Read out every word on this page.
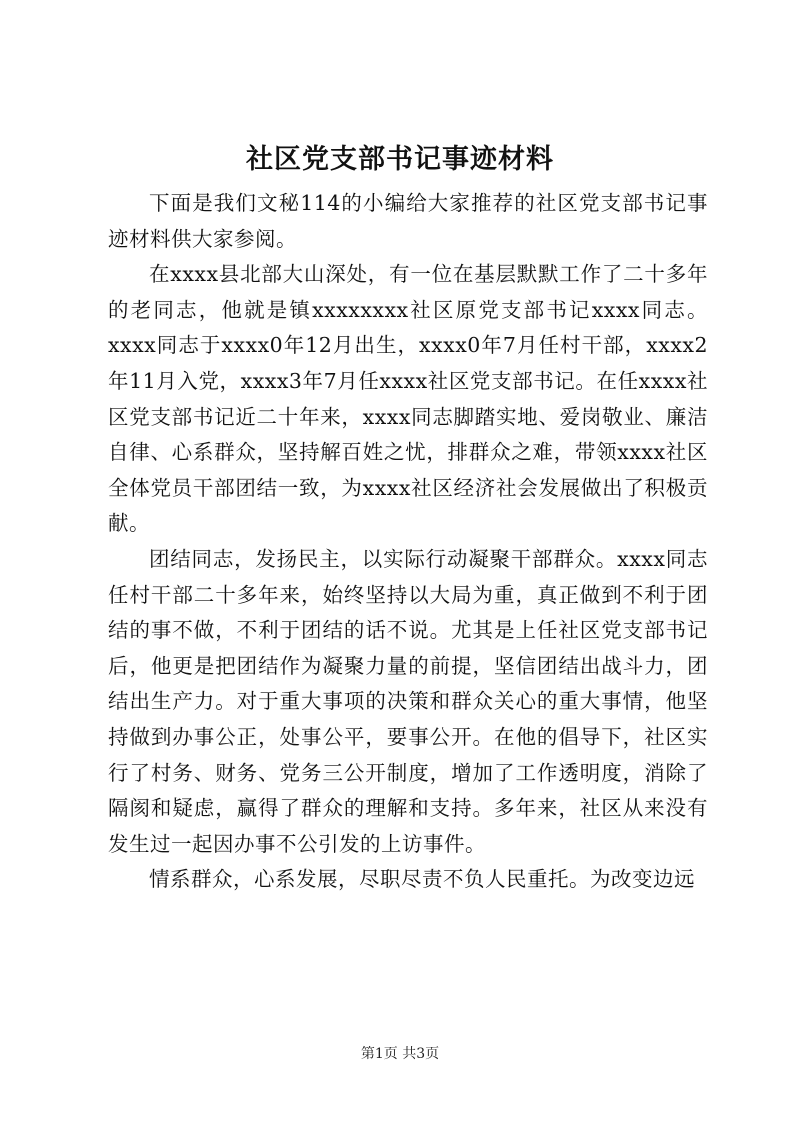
社区党支部书记事迹材料

下面是我们文秘114的小编给大家推荐的社区党支部书记事迹材料供大家参阅。

在xxxx县北部大山深处，有一位在基层默默工作了二十多年的老同志，他就是镇xxxxxxxx社区原党支部书记xxxx同志。xxxx同志于xxxx0年12月出生，xxxx0年7月任村干部，xxxx2年11月入党，xxxx3年7月任xxxx社区党支部书记。在任xxxx社区党支部书记近二十年来，xxxx同志脚踏实地、爱岗敬业、廉洁自律、心系群众，坚持解百姓之忧，排群众之难，带领xxxx社区全体党员干部团结一致，为xxxx社区经济社会发展做出了积极贡献。

团结同志，发扬民主，以实际行动凝聚干部群众。xxxx同志任村干部二十多年来，始终坚持以大局为重，真正做到不利于团结的事不做，不利于团结的话不说。尤其是上任社区党支部书记后，他更是把团结作为凝聚力量的前提，坚信团结出战斗力，团结出生产力。对于重大事项的决策和群众关心的重大事情，他坚持做到办事公正，处事公平，要事公开。在他的倡导下，社区实行了村务、财务、党务三公开制度，增加了工作透明度，消除了隔阂和疑虑，赢得了群众的理解和支持。多年来，社区从来没有发生过一起因办事不公引发的上访事件。

情系群众，心系发展，尽职尽责不负人民重托。为改变边远

第1页 共3页
